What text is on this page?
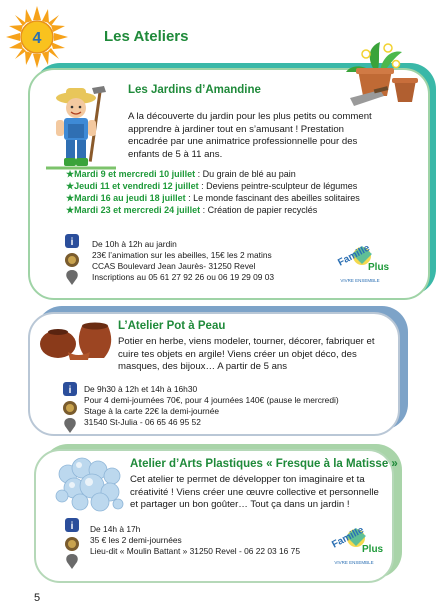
4	Les Ateliers
Les Jardins d’Amandine
A la découverte du jardin pour les plus petits ou comment
apprendre à jardiner tout en s’amusant ! Prestation
encadrée par une animatrice professionnelle pour des
enfants de 5 à 11 ans.
★Mardi 9 et mercredi 10 juillet : Du grain de blé au pain
★Jeudi 11 et vendredi 12 juillet : Deviens peintre-sculpteur de légumes
★Mardi 16 au jeudi 18 juillet : Le monde fascinant des abeilles solitaires
★Mardi 23 et mercredi 24 juillet : Création de papier recyclés
i De 10h à 12h au jardin
23€ l’animation sur les abeilles, 15€ les 2 matins
CCAS Boulevard Jean Jaurès- 31250 Revel
Inscriptions au 05 61 27 92 26 ou 06 19 29 09 03
Famille
Plus
VIVRE ENSEMBLE
L’Atelier Pot à Peau
Potier en herbe, viens modeler, tourner, décorer, fabriquer et
cuire tes objets en argile! Viens créer un objet déco, des
masques, des bijoux… A partir de 5 ans
i De 9h30 à 12h et 14h à 16h30
Pour 4 demi-journées 70€, pour 4 journées 140€ (pause le mercredi)
Stage à la carte 22€ la demi-journée
31540 St-Julia - 06 65 46 95 52
Atelier d’Arts Plastiques « Fresque à la Matisse »
Cet atelier te permet de développer ton imaginaire et ta
créativité ! Viens créer une œuvre collective et personnelle
et partager un bon goûter… Tout ça dans un jardin !
i De 14h à 17h
35 € les 2 demi-journées
Lieu-dit « Moulin Battant » 31250 Revel - 06 22 03 16 75
Famille
Plus
VIVRE ENSEMBLE
5
